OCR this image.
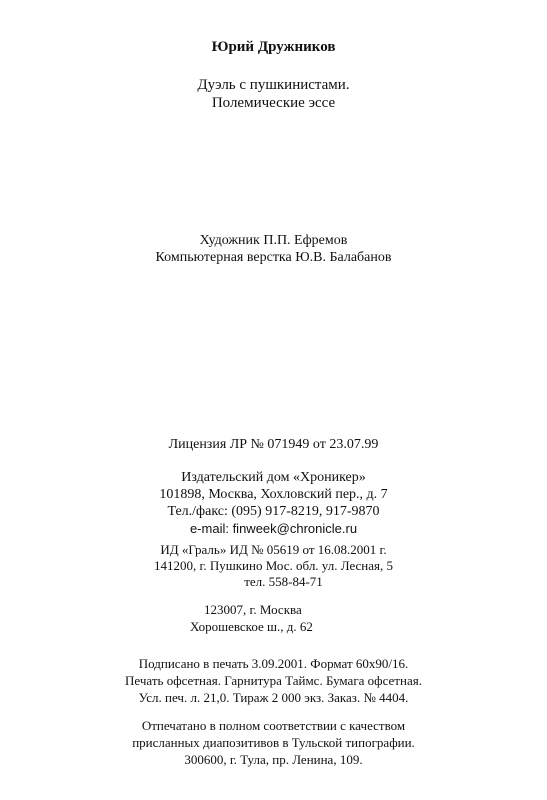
Юрий Дружников
Дуэль с пушкинистами.
Полемические эссе
Художник П.П. Ефремов
Компьютерная верстка Ю.В. Балабанов
Лицензия ЛР № 071949 от 23.07.99
Издательский дом «Хроникер»
101898, Москва, Хохловский пер., д. 7
Тел./факс: (095) 917-8219, 917-9870
e-mail: finweek@chronicle.ru
ИД «Граль» ИД № 05619 от 16.08.2001 г.
141200, г. Пушкино Мос. обл. ул. Лесная, 5
тел. 558-84-71
123007, г. Москва
Хорошевское ш., д. 62
Подписано в печать 3.09.2001. Формат 60x90/16.
Печать офсетная. Гарнитура Таймс. Бумага офсетная.
Усл. печ. л. 21,0. Тираж 2 000 экз. Заказ. № 4404.
Отпечатано в полном соответствии с качеством
присланных диапозитивов в Тульской типографии.
300600, г. Тула, пр. Ленина, 109.
